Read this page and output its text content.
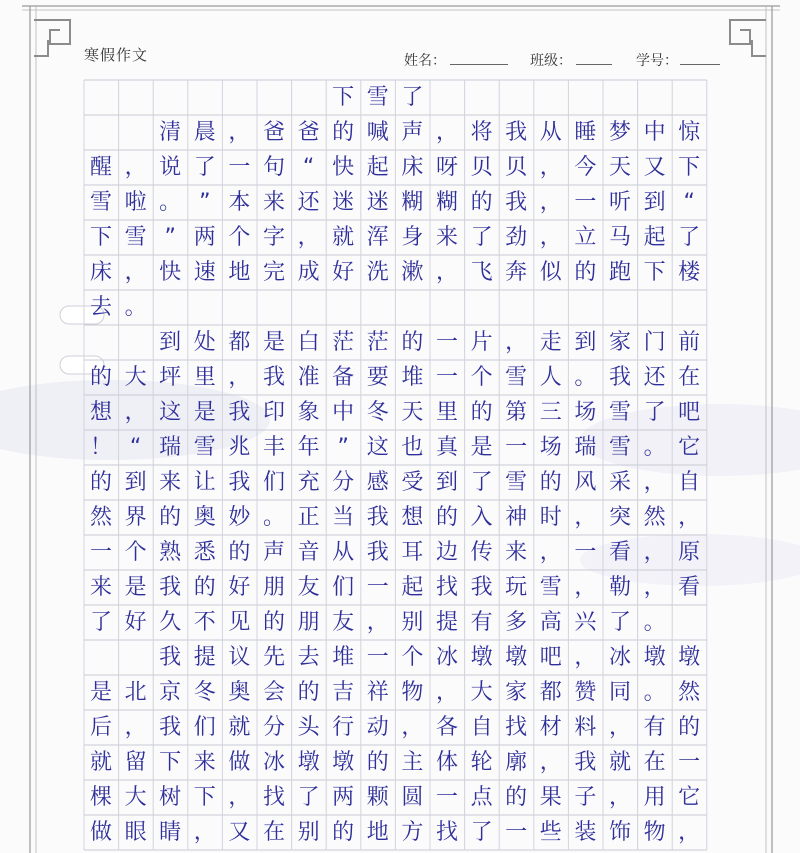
寒假作文	姓名：	班级：	学号：
下 雪 了
清 晨 ， 爸 爸 的 喊 声 ， 将 我 从 睡 梦 中 惊
醒 ， 说 了 一 句 “ 快 起 床 呀 贝 贝 ， 今 天 又 下
雪 啦 。 ” 本 来 还 迷 迷 糊 糊 的 我 ， 一 听 到 “
下 雪 ” 两 个 字 ， 就 浑 身 来 了 劲 ， 立 马 起 了
床 ， 快 速 地 完 成 好 洗 漱 ， 飞 奔 似 的 跑 下 楼
去 。
到 处 都 是 白 茫 茫 的 一 片 ， 走 到 家 门 前
的 大 坪 里 ， 我 准 备 要 堆 一 个 雪 人 。 我 还 在
想 ， 这 是 我 印 象 中 冬 天 里 的 第 三 场 雪 了 吧
！ “ 瑞 雪 兆 丰 年 ” 这 也 真 是 一 场 瑞 雪 。 它
的 到 来 让 我 们 充 分 感 受 到 了 雪 的 风 采 ， 自
然 界 的 奥 妙 。 正 当 我 想 的 入 神 时 ， 突 然 ，
一 个 熟 悉 的 声 音 从 我 耳 边 传 来 ， 一 看 ， 原
来 是 我 的 好 朋 友 们 一 起 找 我 玩 雪 ， 勒 ， 看
了 好 久 不 见 的 朋 友 ， 别 提 有 多 高 兴 了 。
我 提 议 先 去 堆 一 个 冰 墩 墩 吧 ， 冰 墩 墩
是 北 京 冬 奥 会 的 吉 祥 物 ， 大 家 都 赞 同 。 然
后 ， 我 们 就 分 头 行 动 ， 各 自 找 材 料 ， 有 的
就 留 下 来 做 冰 墩 墩 的 主 体 轮 廓 ， 我 就 在 一
棵 大 树 下 ， 找 了 两 颗 圆 一 点 的 果 子 ， 用 它
做 眼 睛 ， 又 在 别 的 地 方 找 了 一 些 装 饰 物 ，
